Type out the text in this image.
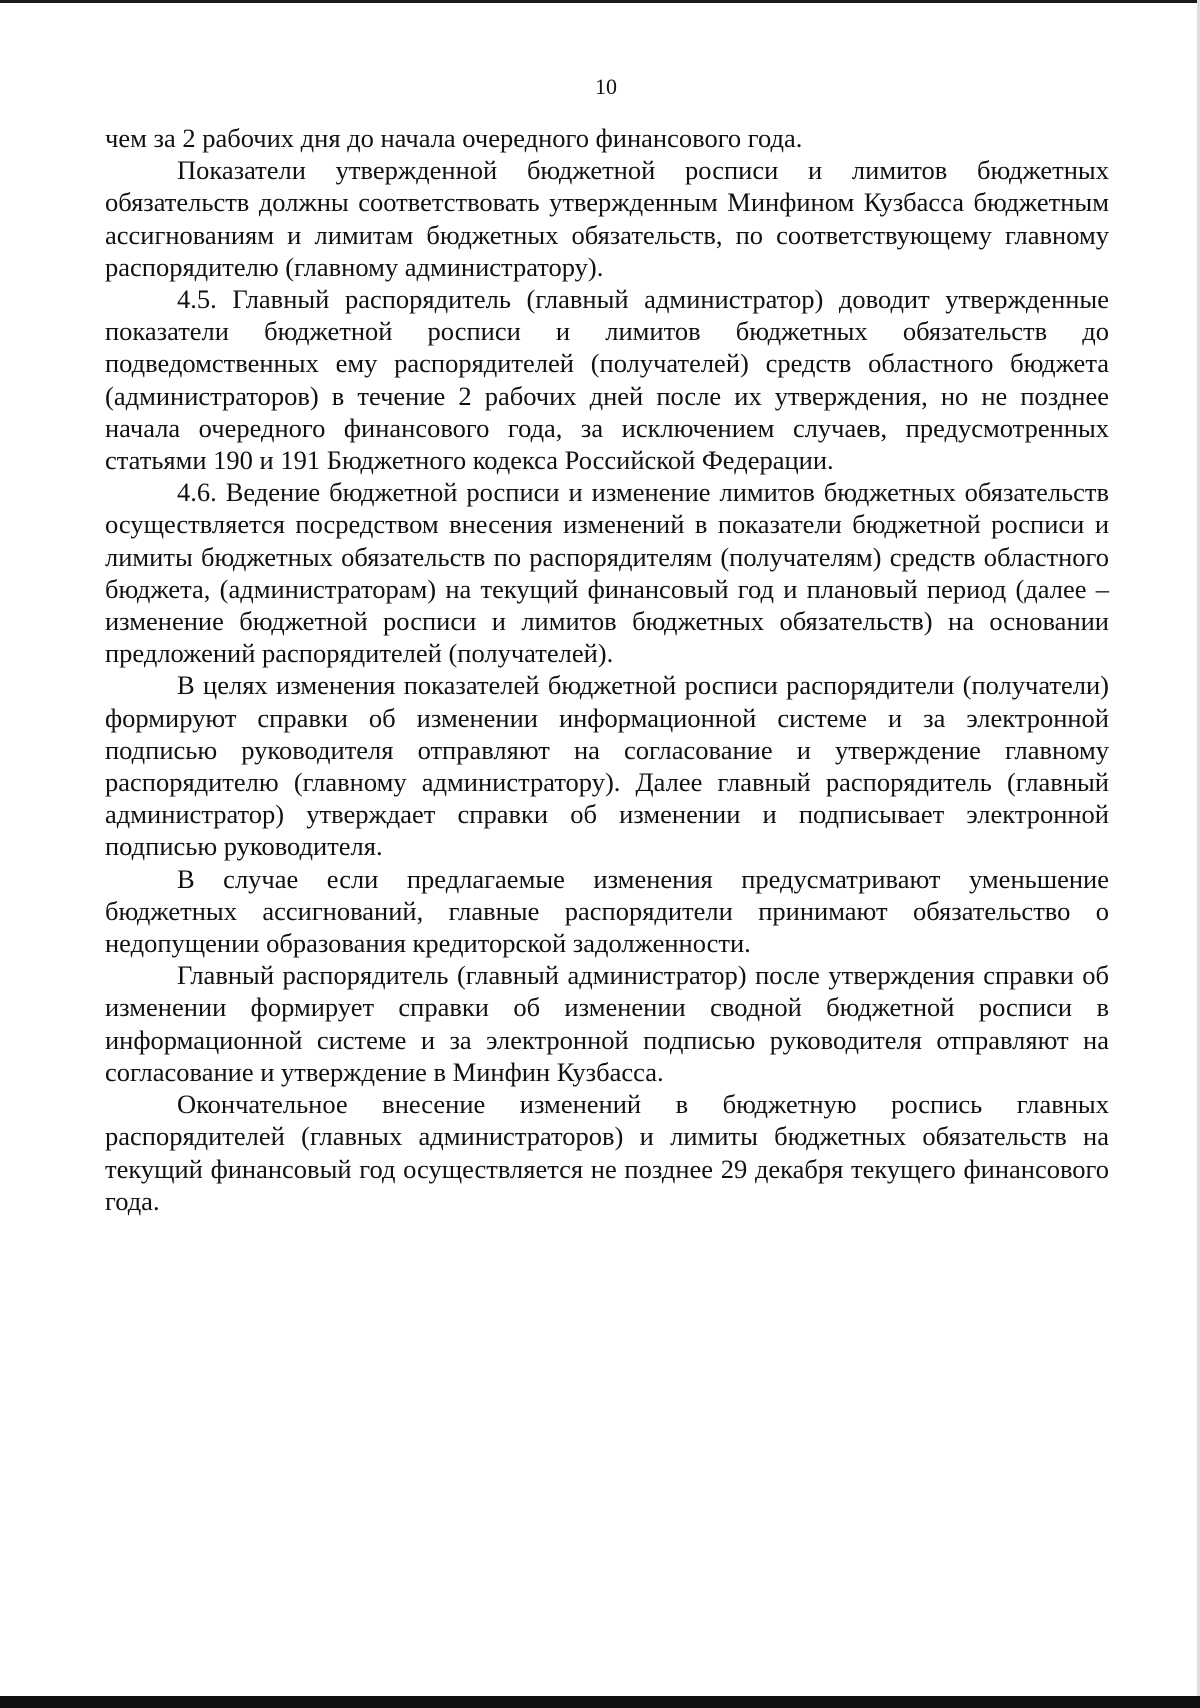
10

чем за 2 рабочих дня до начала очередного финансового года.

Показатели утвержденной бюджетной росписи и лимитов бюджетных обязательств должны соответствовать утвержденным Минфином Кузбасса бюджетным ассигнованиям и лимитам бюджетных обязательств, по соответствующему главному распорядителю (главному администратору).

4.5. Главный распорядитель (главный администратор) доводит утвержденные показатели бюджетной росписи и лимитов бюджетных обязательств до подведомственных ему распорядителей (получателей) средств областного бюджета (администраторов) в течение 2 рабочих дней после их утверждения, но не позднее начала очередного финансового года, за исключением случаев, предусмотренных статьями 190 и 191 Бюджетного кодекса Российской Федерации.

4.6. Ведение бюджетной росписи и изменение лимитов бюджетных обязательств осуществляется посредством внесения изменений в показатели бюджетной росписи и лимиты бюджетных обязательств по распорядителям (получателям) средств областного бюджета, (администраторам) на текущий финансовый год и плановый период (далее – изменение бюджетной росписи и лимитов бюджетных обязательств) на основании предложений распорядителей (получателей).

В целях изменения показателей бюджетной росписи распорядители (получатели) формируют справки об изменении информационной системе и за электронной подписью руководителя отправляют на согласование и утверждение главному распорядителю (главному администратору). Далее главный распорядитель (главный администратор) утверждает справки об изменении и подписывает электронной подписью руководителя.

В случае если предлагаемые изменения предусматривают уменьшение бюджетных ассигнований, главные распорядители принимают обязательство о недопущении образования кредиторской задолженности.

Главный распорядитель (главный администратор) после утверждения справки об изменении формирует справки об изменении сводной бюджетной росписи в информационной системе и за электронной подписью руководителя отправляют на согласование и утверждение в Минфин Кузбасса.

Окончательное внесение изменений в бюджетную роспись главных распорядителей (главных администраторов) и лимиты бюджетных обязательств на текущий финансовый год осуществляется не позднее 29 декабря текущего финансового года.
